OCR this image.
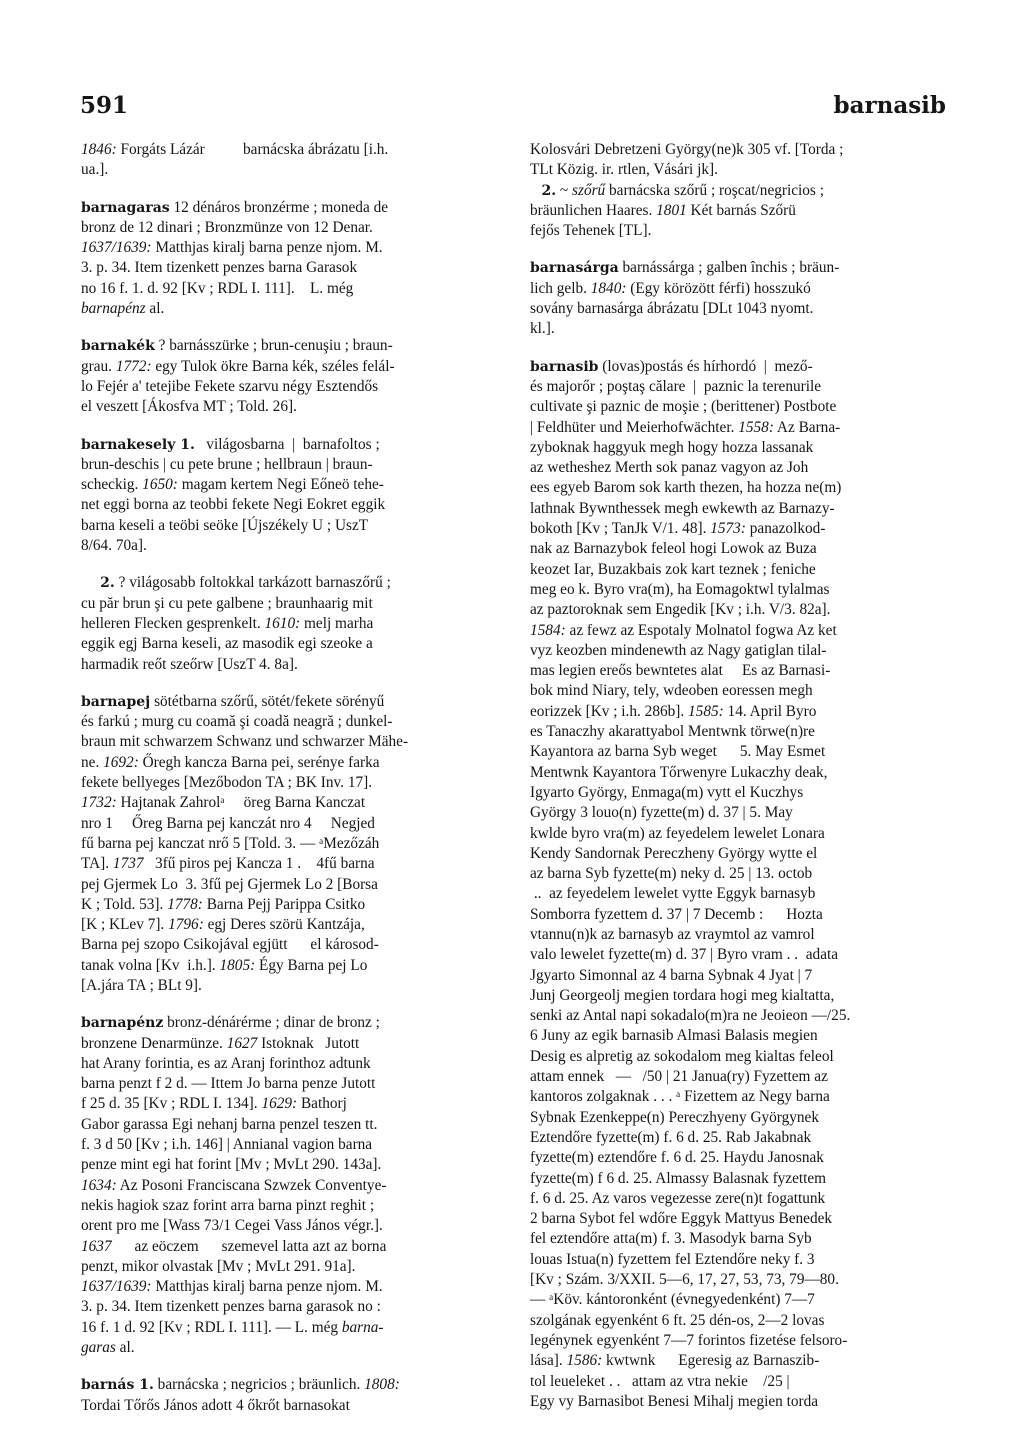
591	barnasib
1846: Forgáts Lázár          barnácska ábrázatu [i.h.
ua.].
barnagaras 12 dénáros bronzérme ; moneda de
bronz de 12 dinari ; Bronzmünze von 12 Denar.
1637/1639: Matthjas kiralj barna penze njom. M.
3. p. 34. Item tizenkett penzes barna Garasok
no 16 f. 1. d. 92 [Kv ; RDL I. 111].    L. még
barnapénz al.
barnakék ? barnásszürke ; brun-cenuşiu ; braun-
grau. 1772: egy Tulok ökre Barna kék, széles felál-
lo Fejér a' tetejibe Fekete szarvu négy Esztendős
el veszett [Ákosfva MT ; Told. 26].
barnakesely 1.   világosbarna  |  barnafoltos ;
brun-deschis | cu pete brune ; hellbraun | braun-
scheckig. 1650: magam kertem Negi Eőneö tehe-
net eggi borna az teobbi fekete Negi Eokret eggik
barna keseli a teöbi seöke [Újszékely U ; UszT
8/64. 70a].
2. ? világosabb foltokkal tarkázott barnaszőrű ;
cu păr brun şi cu pete galbene ; braunhaarig mit
helleren Flecken gesprenkelt. 1610: melj marha
eggik egj Barna keseli, az masodik egi szeoke a
harmadik reőt szeőrw [UszT 4. 8a].
barnapej sötétbarna szőrű, sötét/fekete sörényű
és farkú ; murg cu coamă şi coadă neagră ; dunkel-
braun mit schwarzem Schwanz und schwarzer Mähe-
ne. 1692: Őregh kancza Barna pei, serénye farka
fekete bellyeges [Mezőbodon TA ; BK Inv. 17].
1732: Hajtanak Zahrolᵃ     öreg Barna Kanczat
nro 1     Őreg Barna pej kanczát nro 4     Negjed
fű barna pej kanczat nrő 5 [Told. 3. — ᵃMezőzáh
TA]. 1737   3fű piros pej Kancza 1 .    4fű barna
pej Gjermek Lo  3. 3fű pej Gjermek Lo 2 [Borsa
K ; Told. 53]. 1778: Barna Pejj Parippa Csitko
[K ; KLev 7]. 1796: egj Deres szörü Kantzája,
Barna pej szopo Csikojával egjütt      el károsod-
tanak volna [Kv  i.h.]. 1805: Égy Barna pej Lo
[A.jára TA ; BLt 9].
barnapénz bronz-dénárérme ; dinar de bronz ;
bronzene Denarmünze. 1627 Istoknak   Jutott
hat Arany forintia, es az Aranj forinthoz adtunk
barna penzt f 2 d. — Ittem Jo barna penze Jutott
f 25 d. 35 [Kv ; RDL I. 134]. 1629: Bathorj
Gabor garassa Egi nehanj barna penzel teszen tt.
f. 3 d 50 [Kv ; i.h. 146] | Annianal vagion barna
penze mint egi hat forint [Mv ; MvLt 290. 143a].
1634: Az Posoni Franciscana Szwzek Conventye-
nekis hagiok szaz forint arra barna pinzt reghit ;
orent pro me [Wass 73/1 Cegei Vass János végr.].
1637      az eöczem      szemevel latta azt az borna
penzt, mikor olvastak [Mv ; MvLt 291. 91a].
1637/1639: Matthjas kiralj barna penze njom. M.
3. p. 34. Item tizenkett penzes barna garasok no :
16 f. 1 d. 92 [Kv ; RDL I. 111]. — L. még barna-
garas al.
barnás 1. barnácska ; negricios ; bräunlich. 1808:
Tordai Tőrős János adott 4 őkrőt barnasokat
Kolosvári Debretzeni György(ne)k 305 vf. [Torda ;
TLt Közig. ir. rtlen, Vásári jk].
2. ~ szőrű barnácska szőrű ; roşcat/negricios ;
bräunlichen Haares. 1801 Két barnás Szőrü
fejős Tehenek [TL].
barnasárga barnássárga ; galben închis ; bräun-
lich gelb. 1840: (Egy körözött férfi) hosszukó
sovány barnasárga ábrázatu [DLt 1043 nyomt.
kl.].
barnasib (lovas)postás és hírhordó  |  mező-
és majorőr ; poştaş călare  |  paznic la terenurile
cultivate şi paznic de moşie ; (berittener) Postbote
| Feldhüter und Meierhofwächter. 1558: Az Barna-
zyboknak haggyuk megh hogy hozza lassanak
az wetheshez Merth sok panaz vagyon az Joh
ees egyeb Barom sok karth thezen, ha hozza ne(m)
lathnak Bywnthessek megh ewkewth az Barnazy-
bokoth [Kv ; TanJk V/1. 48]. 1573: panazolkod-
nak az Barnazybok feleol hogi Lowok az Buza
keozet Iar, Buzakbais zok kart teznek ; feniche
meg eo k. Byro vra(m), ha Eomagoktwl tylalmas
az paztoroknak sem Engedik [Kv ; i.h. V/3. 82a].
1584: az fewz az Espotaly Molnatol fogwa Az ket
vyz keozben mindenewth az Nagy gatiglan tilal-
mas legien ereős bewntetes alat     Es az Barnasi-
bok mind Niary, tely, wdeoben eoressen megh
eorizzek [Kv ; i.h. 286b]. 1585: 14. April Byro
es Tanaczhy akarattyabol Mentwnk törwe(n)re
Kayantora az barna Syb weget      5. May Esmet
Mentwnk Kayantora Tőrwenyre Lukaczhy deak,
Igyarto György, Enmaga(m) vytt el Kuczhys
György 3 louo(n) fyzette(m) d. 37 | 5. May
kwlde byro vra(m) az feyedelem lewelet Lonara
Kendy Sandornak Pereczheny György wytte el
az barna Syb fyzette(m) neky d. 25 | 13. octob
..  az feyedelem lewelet vytte Eggyk barnasyb
Somborra fyzettem d. 37 | 7 Decemb :      Hozta
vtannu(n)k az barnasyb az vraymtol az vamrol
valo lewelet fyzette(m) d. 37 | Byro vram . .  adata
Jgyarto Simonnal az 4 barna Sybnak 4 Jyat | 7
Junj Georgeolj megien tordara hogi meg kialtatta,
senki az Antal napi sokadalo(m)ra ne Jeoieon —/25.
6 Juny az egik barnasib Almasi Balasis megien
Desig es alpretig az sokodalom meg kialtas feleol
attam ennek   —   /50 | 21 Janua(ry) Fyzettem az
kantoros zolgaknak . . . ᵃ Fizettem az Negy barna
Sybnak Ezenkeppe(n) Pereczhyeny Györgynek
Eztendőre fyzette(m) f. 6 d. 25. Rab Jakabnak
fyzette(m) eztendőre f. 6 d. 25. Haydu Janosnak
fyzette(m) f 6 d. 25. Almassy Balasnak fyzettem
f. 6 d. 25. Az varos vegezesse zere(n)t fogattunk
2 barna Sybot fel wdőre Eggyk Mattyus Benedek
fel eztendőre atta(m) f. 3. Masodyk barna Syb
louas Istua(n) fyzettem fel Eztendőre neky f. 3
[Kv ; Szám. 3/XXII. 5—6, 17, 27, 53, 73, 79—80.
— ᵃKöv. kántoronként (évnegyedenként) 7—7
szolgának egyenként 6 ft. 25 dén-os, 2—2 lovas
legénynek egyenként 7—7 forintos fizetése felsoro-
lása]. 1586: kwtwnk      Egeresig az Barnaszib-
tol leueleket . .   attam az vtra nekie    /25 |
Egy vy Barnasibot Benesi Mihalj megien torda
